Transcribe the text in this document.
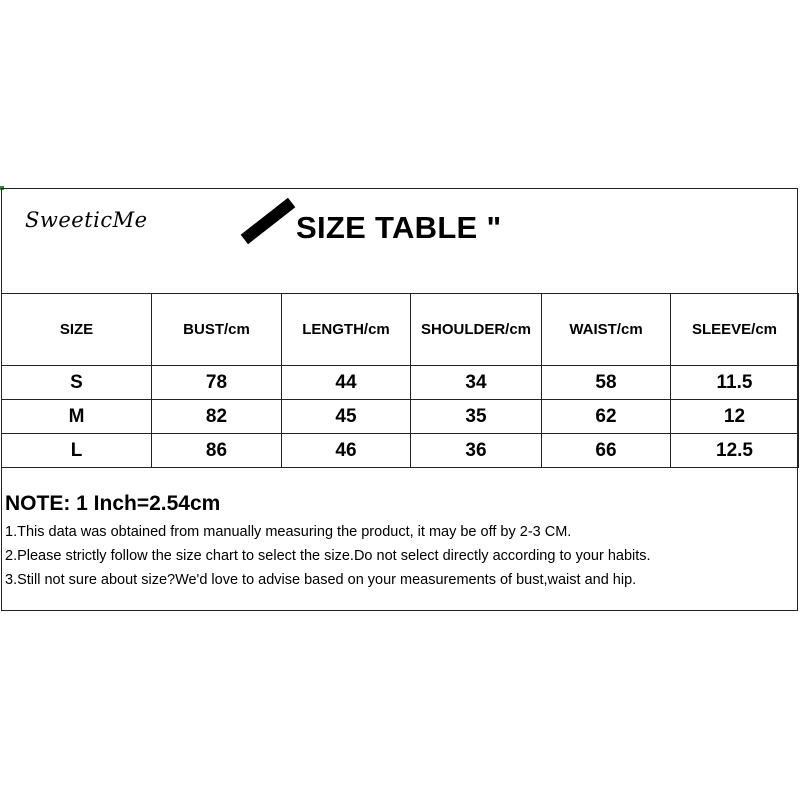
SweeticMe	SIZE TABLE "
SIZE	BUST/cm	LENGTH/cm	SHOULDER/cm	WAIST/cm	SLEEVE/cm
S	78	44	34	58	11.5
M	82	45	35	62	12
L	86	46	36	66	12.5
NOTE: 1 Inch=2.54cm
1.This data was obtained from manually measuring the product, it may be off by 2-3 CM.
2.Please strictly follow the size chart to select the size.Do not select directly according to your habits.
3.Still not sure about size?We'd love to advise based on your measurements of bust,waist and hip.
